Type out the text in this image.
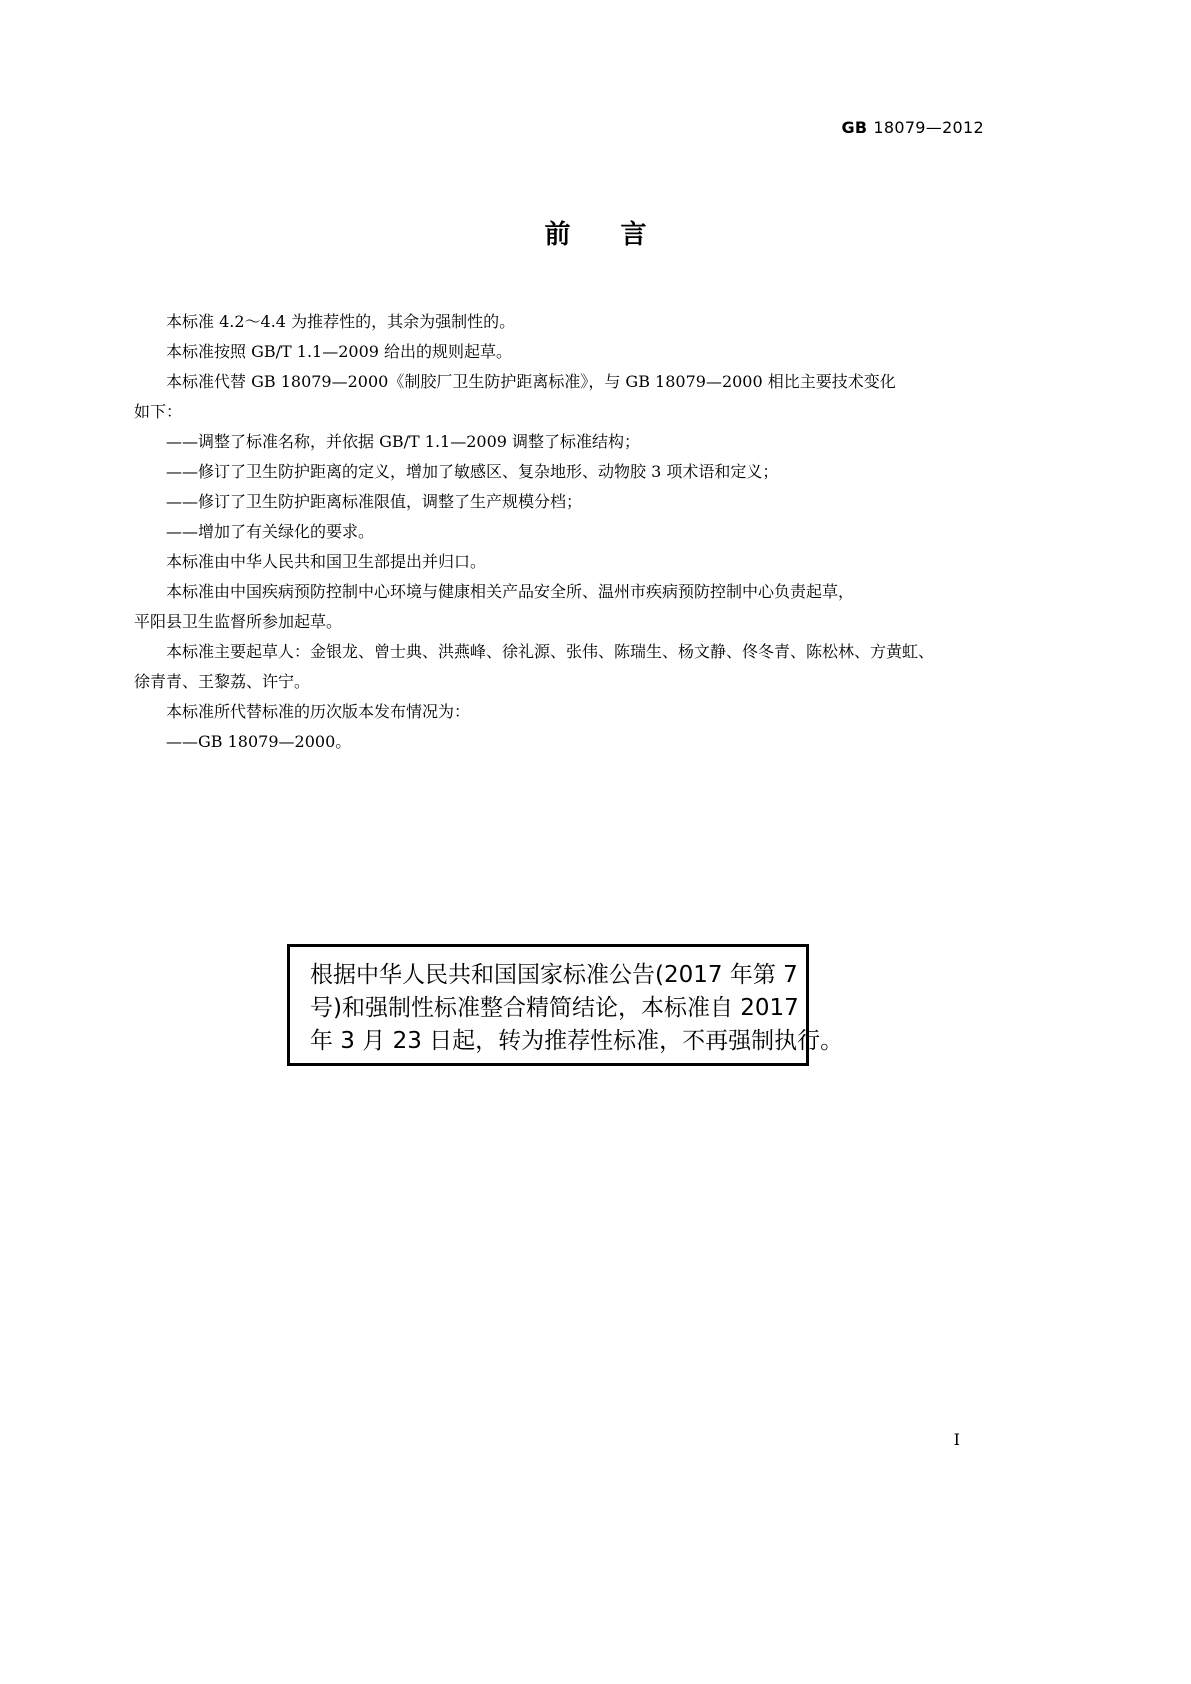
GB 18079—2012
前言

本标准 4.2～4.4 为推荐性的，其余为强制性的。

本标准按照 GB/T 1.1—2009 给出的规则起草。

本标准代替 GB 18079—2000《制胶厂卫生防护距离标准》，与 GB 18079—2000 相比主要技术变化

如下：

——调整了标准名称，并依据 GB/T 1.1—2009 调整了标准结构；

——修订了卫生防护距离的定义，增加了敏感区、复杂地形、动物胶 3 项术语和定义；

——修订了卫生防护距离标准限值，调整了生产规模分档；

——增加了有关绿化的要求。

本标准由中华人民共和国卫生部提出并归口。

本标准由中国疾病预防控制中心环境与健康相关产品安全所、温州市疾病预防控制中心负责起草，

平阳县卫生监督所参加起草。

本标准主要起草人：金银龙、曾士典、洪燕峰、徐礼源、张伟、陈瑞生、杨文静、佟冬青、陈松林、方黄虹、

徐青青、王黎荔、许宁。

本标准所代替标准的历次版本发布情况为：

——GB 18079—2000。

根据中华人民共和国国家标准公告(2017 年第 7
号)和强制性标准整合精简结论，本标准自 2017
年 3 月 23 日起，转为推荐性标准，不再强制执行。
I
